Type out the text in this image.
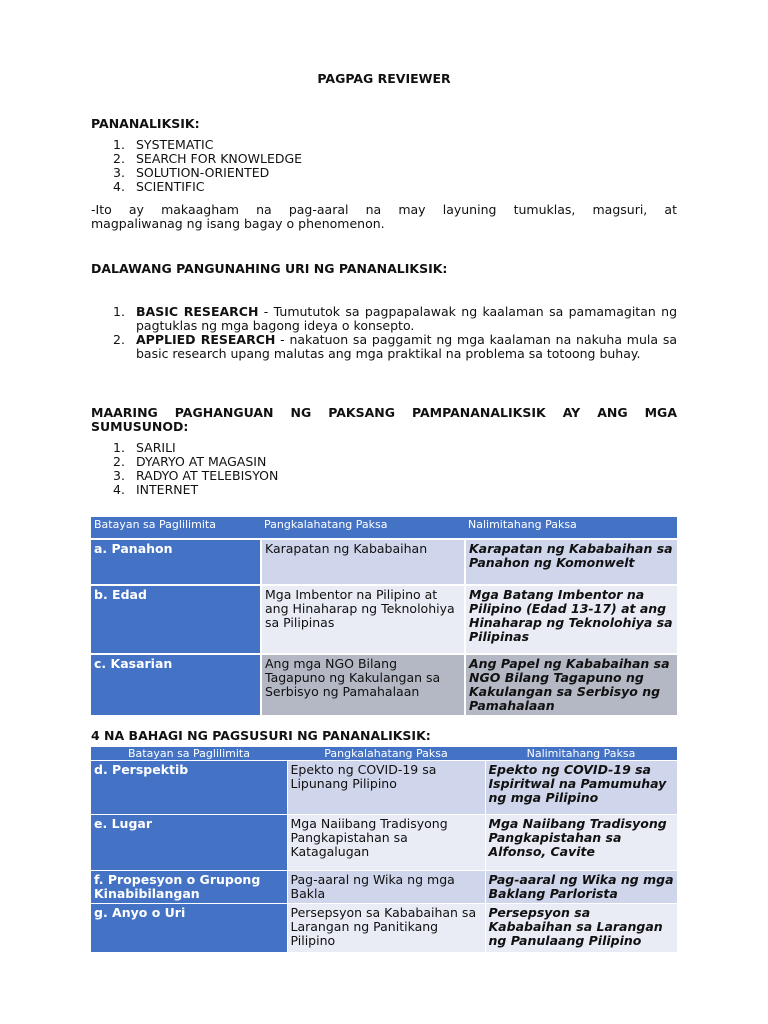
PAGPAG REVIEWER
PANANALIKSIK:
1. SYSTEMATIC
2. SEARCH FOR KNOWLEDGE
3. SOLUTION-ORIENTED
4. SCIENTIFIC
-Ito ay makaagham na pag-aaral na may layuning tumuklas, magsuri, at
magpaliwanag ng isang bagay o phenomenon.
DALAWANG PANGUNAHING URI NG PANANALIKSIK:
1. BASIC RESEARCH - Tumututok sa pagpapalawak ng kaalaman sa pamamagitan ng pagtuklas ng mga bagong ideya o konsepto.
2. APPLIED RESEARCH - nakatuon sa paggamit ng mga kaalaman na nakuha mula sa basic research upang malutas ang mga praktikal na problema sa totoong buhay.
MAARING PAGHANGUAN NG PAKSANG PAMPANANALIKSIK AY ANG MGA SUMUSUNOD:
1. SARILI
2. DYARYO AT MAGASIN
3. RADYO AT TELEBISYON
4. INTERNET
Batayan sa Paglilimita	Pangkalahatang Paksa	Nalimitahang Paksa
a. Panahon	Karapatan ng Kababaihan	Karapatan ng Kababaihan sa Panahon ng Komonwelt
b. Edad	Mga Imbentor na Pilipino at ang Hinaharap ng Teknolohiya sa Pilipinas	Mga Batang Imbentor na Pilipino (Edad 13-17) at ang Hinaharap ng Teknolohiya sa Pilipinas
c. Kasarian	Ang mga NGO Bilang Tagapuno ng Kakulangan sa Serbisyo ng Pamahalaan	Ang Papel ng Kababaihan sa NGO Bilang Tagapuno ng Kakulangan sa Serbisyo ng Pamahalaan
4 NA BAHAGI NG PAGSUSURI NG PANANALIKSIK:
Batayan sa Paglilimita	Pangkalahatang Paksa	Nalimitahang Paksa
d. Perspektib	Epekto ng COVID-19 sa Lipunang Pilipino	Epekto ng COVID-19 sa Ispiritwal na Pamumuhay ng mga Pilipino
e. Lugar	Mga Naiibang Tradisyong Pangkapistahan sa Katagalugan	Mga Naiibang Tradisyong Pangkapistahan sa Alfonso, Cavite
f. Propesyon o Grupong Kinabibilangan	Pag-aaral ng Wika ng mga Bakla	Pag-aaral ng Wika ng mga Baklang Parlorista
g. Anyo o Uri	Persepsyon sa Kababaihan sa Larangan ng Panitikang Pilipino	Persepsyon sa Kababaihan sa Larangan ng Panulaang Pilipino
